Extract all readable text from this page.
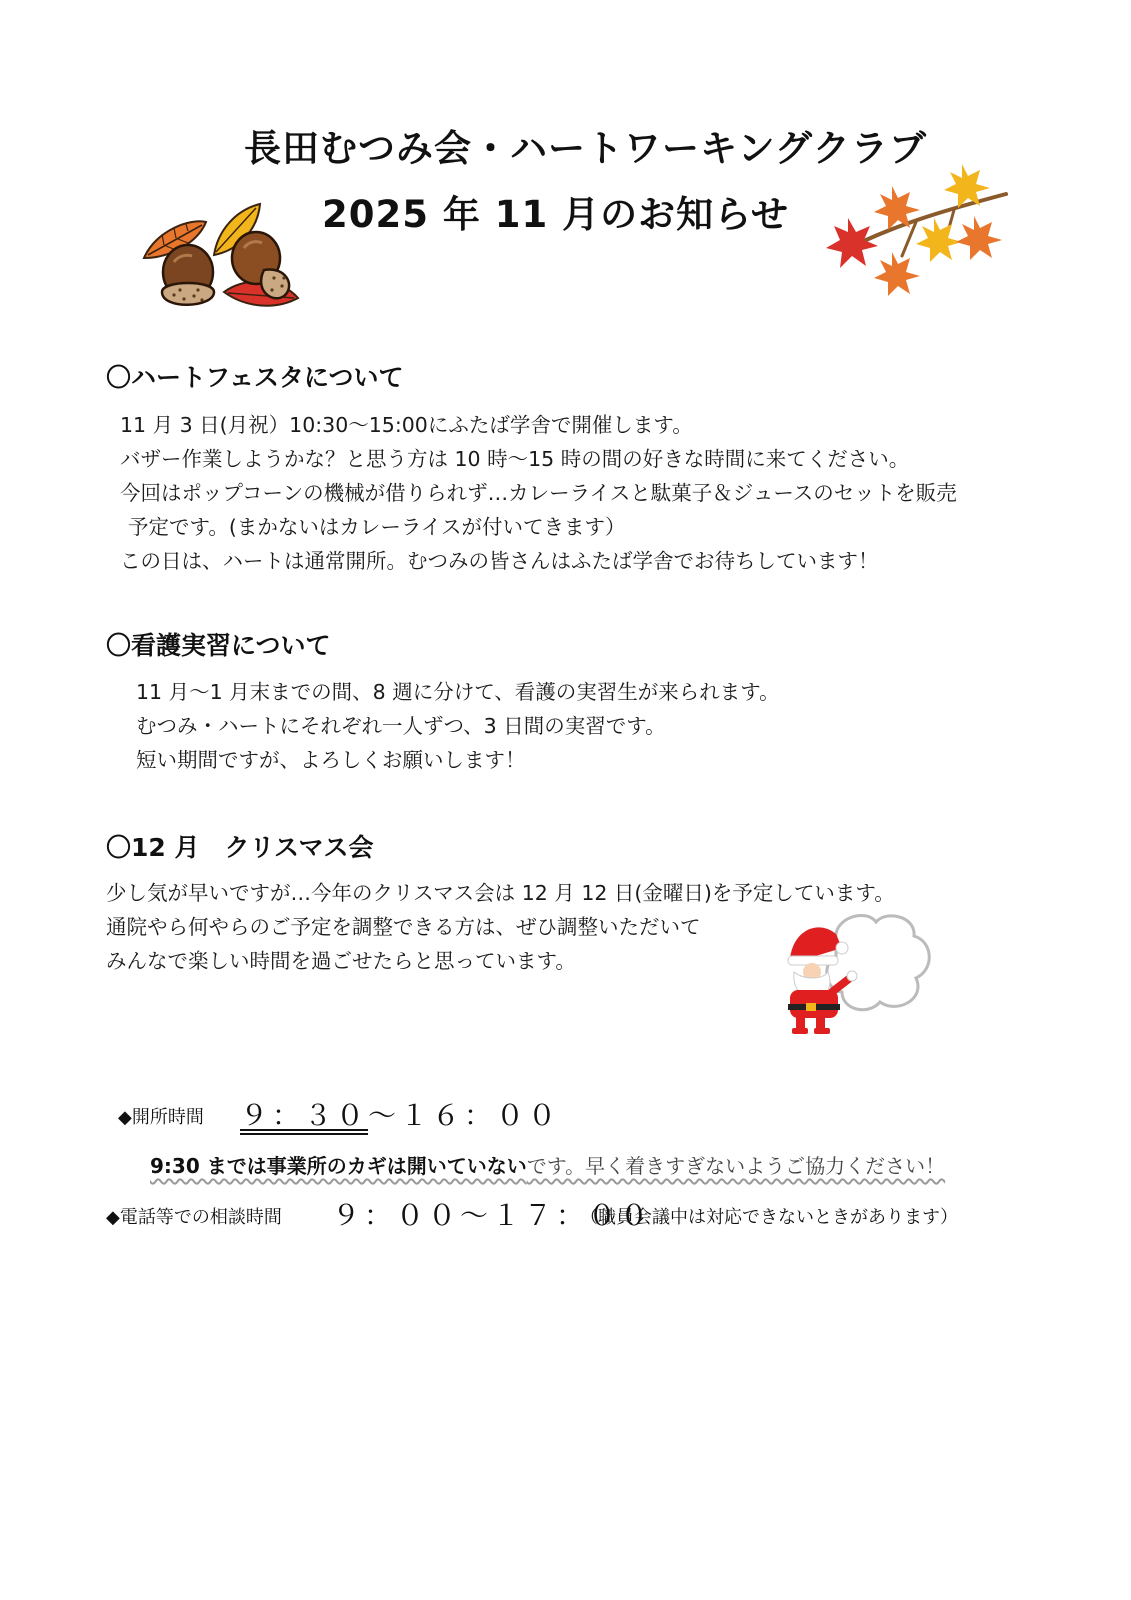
長田むつみ会・ハートワーキングクラブ
2025 年 11 月のお知らせ
〇ハートフェスタについて
11 月 3 日(月祝）10:30～15:00にふたば学舎で開催します。
バザー作業しようかな？と思う方は 10 時～15 時の間の好きな時間に来てください。
今回はポップコーンの機械が借りられず…カレーライスと駄菓子＆ジュースのセットを販売
予定です。(まかないはカレーライスが付いてきます）
この日は、ハートは通常開所。むつみの皆さんはふたば学舎でお待ちしています！
〇看護実習について
11 月～1 月末までの間、8 週に分けて、看護の実習生が来られます。
むつみ・ハートにそれぞれ一人ずつ、3 日間の実習です。
短い期間ですが、よろしくお願いします！
〇12 月　クリスマス会
少し気が早いですが…今年のクリスマス会は 12 月 12 日(金曜日)を予定しています。
通院やら何やらのご予定を調整できる方は、ぜひ調整いただいて
みんなで楽しい時間を過ごせたらと思っています。
◆開所時間 ９：３０～１６：００
9:30 までは事業所のカギは開いていないです。早く着きすぎないようご協力ください！
◆電話等での相談時間 ９：００～１７：００
（職員会議中は対応できないときがあります）
